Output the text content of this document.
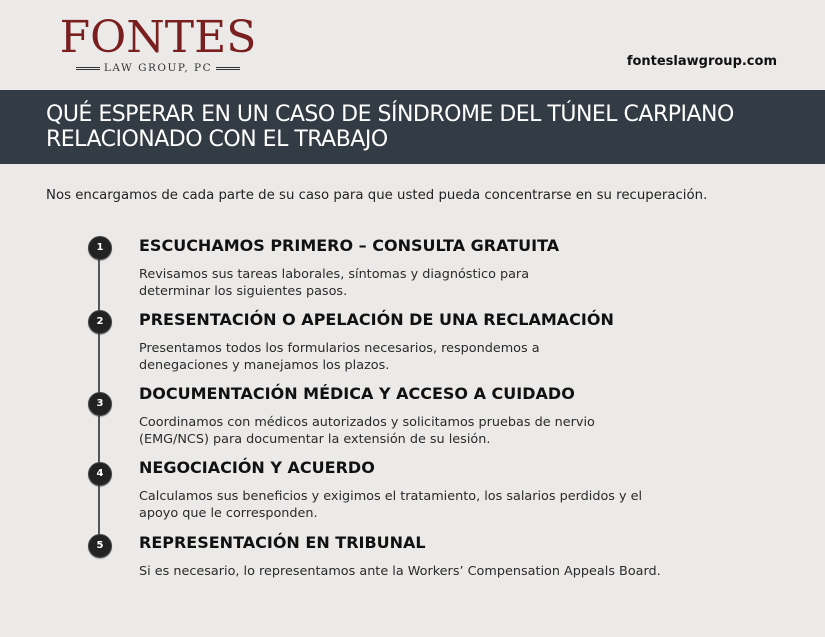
FONTES
LAW GROUP, PC	fonteslawgroup.com
QUÉ ESPERAR EN UN CASO DE SÍNDROME DEL TÚNEL CARPIANO
RELACIONADO CON EL TRABAJO
Nos encargamos de cada parte de su caso para que usted pueda concentrarse en su recuperación.
1	ESCUCHAMOS PRIMERO – CONSULTA GRATUITA
Revisamos sus tareas laborales, síntomas y diagnóstico para
determinar los siguientes pasos.
2	PRESENTACIÓN O APELACIÓN DE UNA RECLAMACIÓN
Presentamos todos los formularios necesarios, respondemos a
denegaciones y manejamos los plazos.
3
DOCUMENTACIÓN MÉDICA Y ACCESO A CUIDADO
Coordinamos con médicos autorizados y solicitamos pruebas de nervio
(EMG/NCS) para documentar la extensión de su lesión.
4	NEGOCIACIÓN Y ACUERDO
Calculamos sus beneficios y exigimos el tratamiento, los salarios perdidos y el
apoyo que le corresponden.
5	REPRESENTACIÓN EN TRIBUNAL
Si es necesario, lo representamos ante la Workers’ Compensation Appeals Board.
